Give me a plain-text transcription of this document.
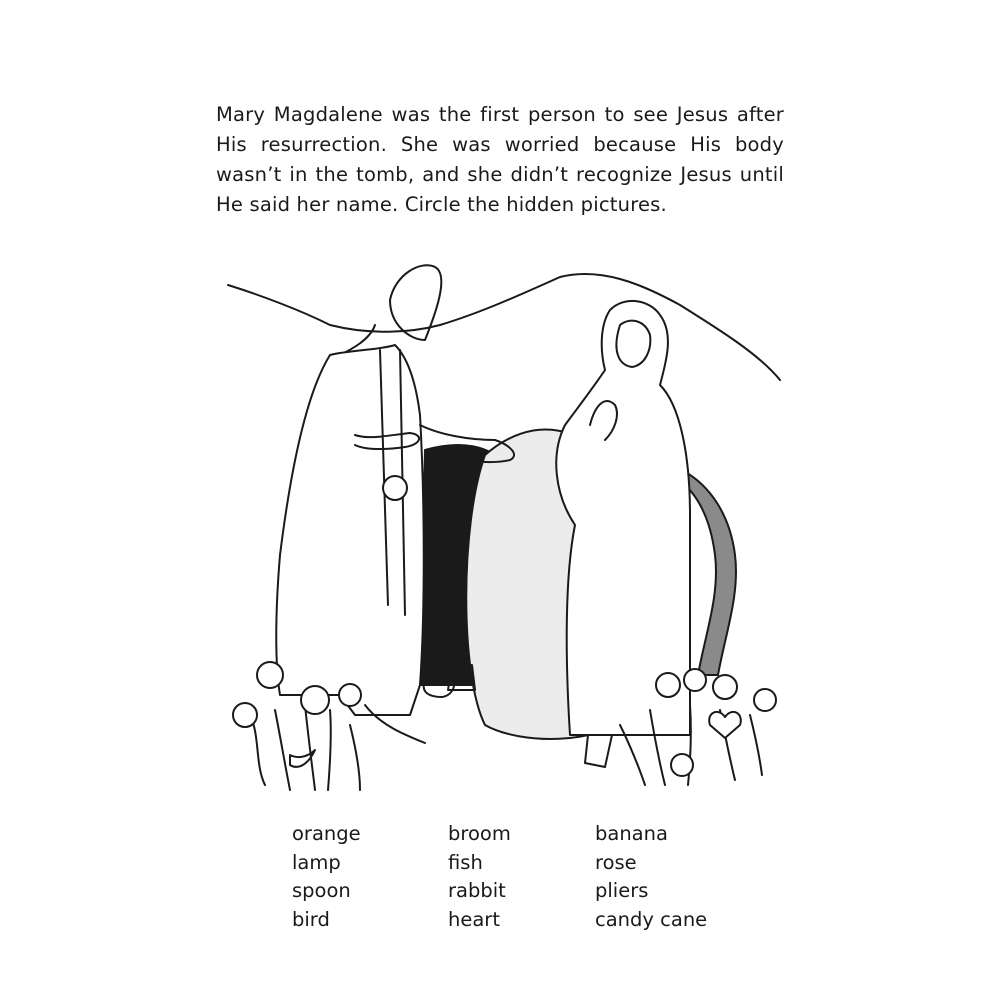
Mary Magdalene was the first person to see Jesus after
His resurrection. She was worried because His body
wasn’t in the tomb, and she didn’t recognize Jesus until
He said her name. Circle the hidden pictures.
orange
lamp
spoon
bird
broom
fish
rabbit
heart
banana
rose
pliers
candy cane
